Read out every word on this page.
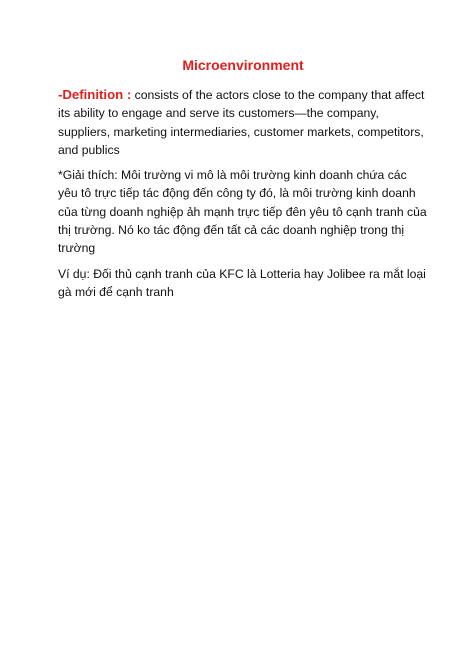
Microenvironment

-Definition : consists of the actors close to the company that affect its ability to engage and serve its customers—the company, suppliers, marketing intermediaries, customer markets, competitors, and publics

*Giải thích: Môi trường vi mô là môi trường kinh doanh chứa các yêu tô trực tiếp tác động đến công ty đó, là môi trường kinh doanh của từng doanh nghiệp ảh mạnh trực tiếp đên yêu tô cạnh tranh của thị trường. Nó ko tác động đến tất cả các doanh nghiệp trong thị trường

Ví dụ: Đối thủ cạnh tranh của KFC là Lotteria hay Jolibee ra mắt loại gà mới để cạnh tranh
